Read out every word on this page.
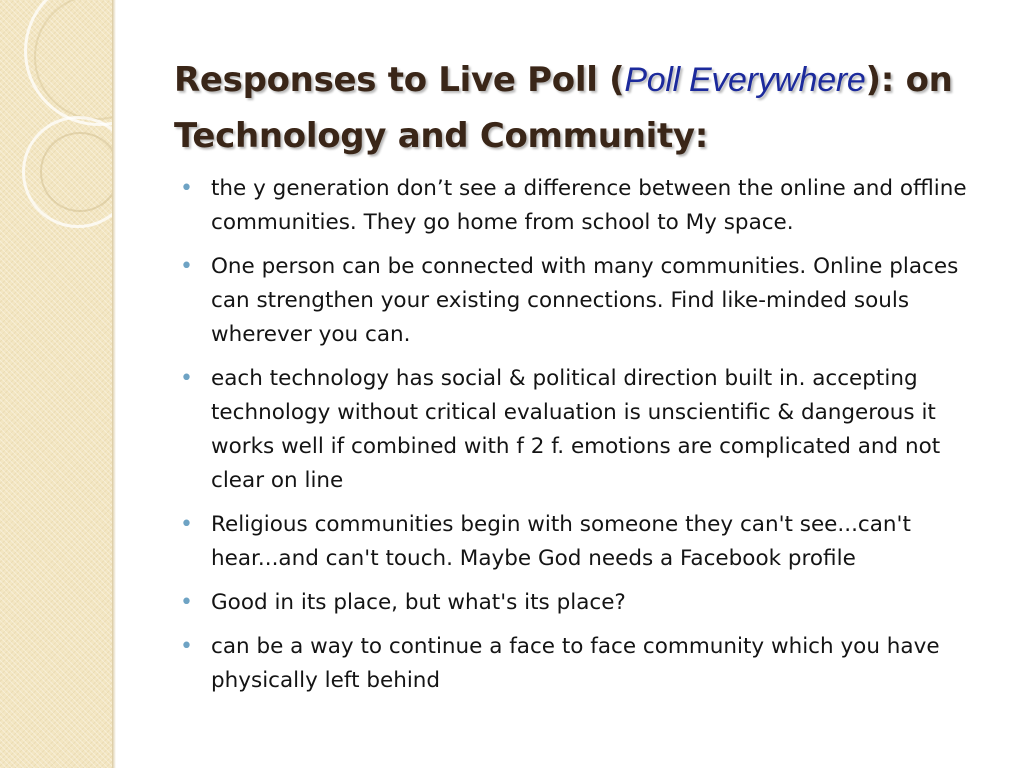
Responses to Live Poll (Poll Everywhere): on Technology and Community:
• the y generation don’t see a difference between the online and offline communities. They go home from school to My space.
• One person can be connected with many communities. Online places can strengthen your existing connections. Find like-minded souls wherever you can.
• each technology has social & political direction built in. accepting technology without critical evaluation is unscientific & dangerous it works well if combined with f 2 f. emotions are complicated and not clear on line
• Religious communities begin with someone they can't see...can't hear...and can't touch. Maybe God needs a Facebook profile
• Good in its place, but what's its place?
• can be a way to continue a face to face community which you have physically left behind
